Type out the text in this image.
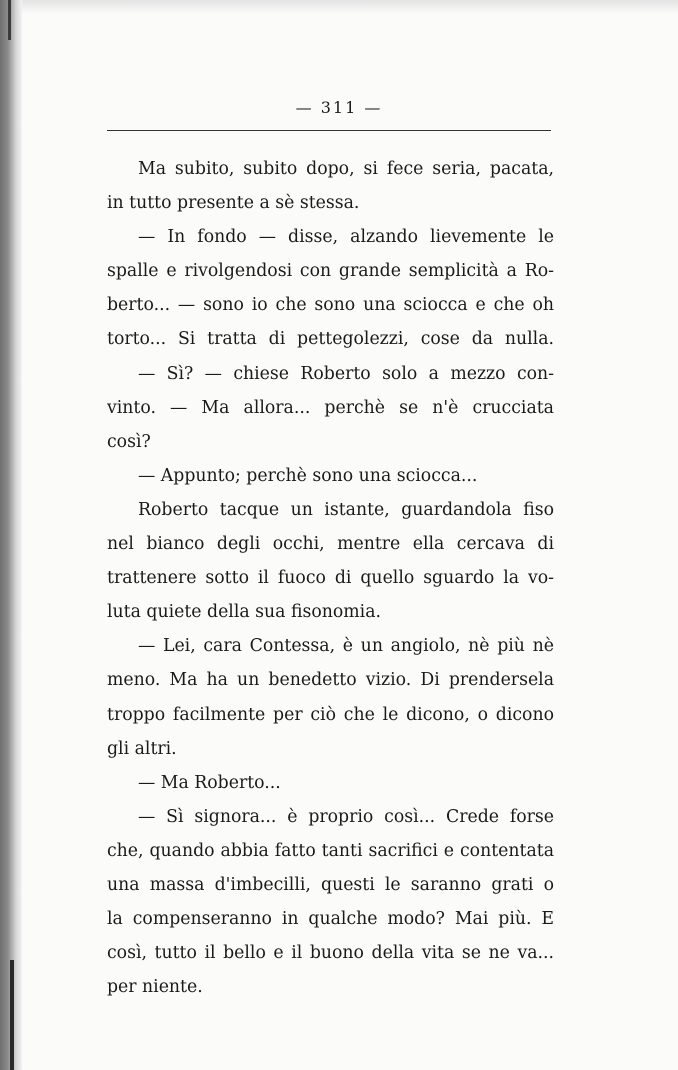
— 311 —
Ma subito, subito dopo, si fece seria, pacata,
in tutto presente a sè stessa.
— In fondo — disse, alzando lievemente le
spalle e rivolgendosi con grande semplicità a Ro-
berto... — sono io che sono una sciocca e che oh
torto... Si tratta di pettegolezzi, cose da nulla.
— Sì? — chiese Roberto solo a mezzo con-
vinto. — Ma allora... perchè se n'è crucciata
così?
— Appunto; perchè sono una sciocca...
Roberto tacque un istante, guardandola fiso
nel bianco degli occhi, mentre ella cercava di
trattenere sotto il fuoco di quello sguardo la vo-
luta quiete della sua fisonomia.
— Lei, cara Contessa, è un angiolo, nè più nè
meno. Ma ha un benedetto vizio. Di prendersela
troppo facilmente per ciò che le dicono, o dicono
gli altri.
— Ma Roberto...
— Sì signora... è proprio così... Crede forse
che, quando abbia fatto tanti sacrifici e contentata
una massa d'imbecilli, questi le saranno grati o
la compenseranno in qualche modo? Mai più. E
così, tutto il bello e il buono della vita se ne va...
per niente.
